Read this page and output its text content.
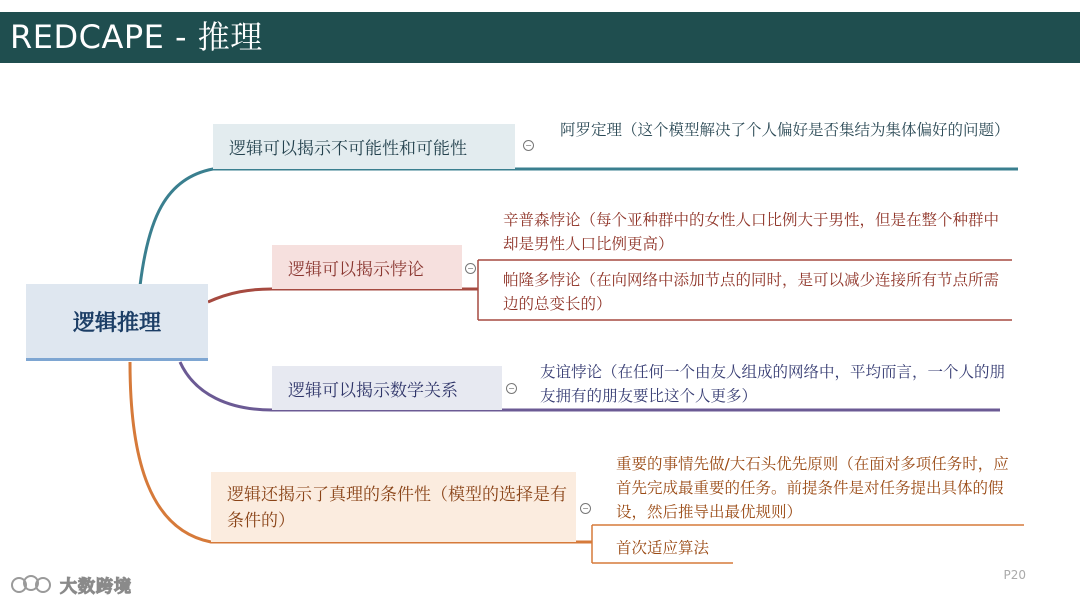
REDCAPE - 推理
逻辑推理
逻辑可以揭示不可能性和可能性	−
阿罗定理（这个模型解决了个人偏好是否集结为集体偏好的问题）
逻辑可以揭示悖论	−
辛普森悖论（每个亚种群中的女性人口比例大于男性，但是在整个种群中却是男性人口比例更高）
帕隆多悖论（在向网络中添加节点的同时，是可以减少连接所有节点所需边的总变长的）
逻辑可以揭示数学关系	−
友谊悖论（在任何一个由友人组成的网络中，平均而言，一个人的朋友拥有的朋友要比这个人更多）
逻辑还揭示了真理的条件性（模型的选择是有条件的）
−
重要的事情先做/大石头优先原则（在面对多项任务时，应首先完成最重要的任务。前提条件是对任务提出具体的假设，然后推导出最优规则）
首次适应算法
P20
大数跨境
